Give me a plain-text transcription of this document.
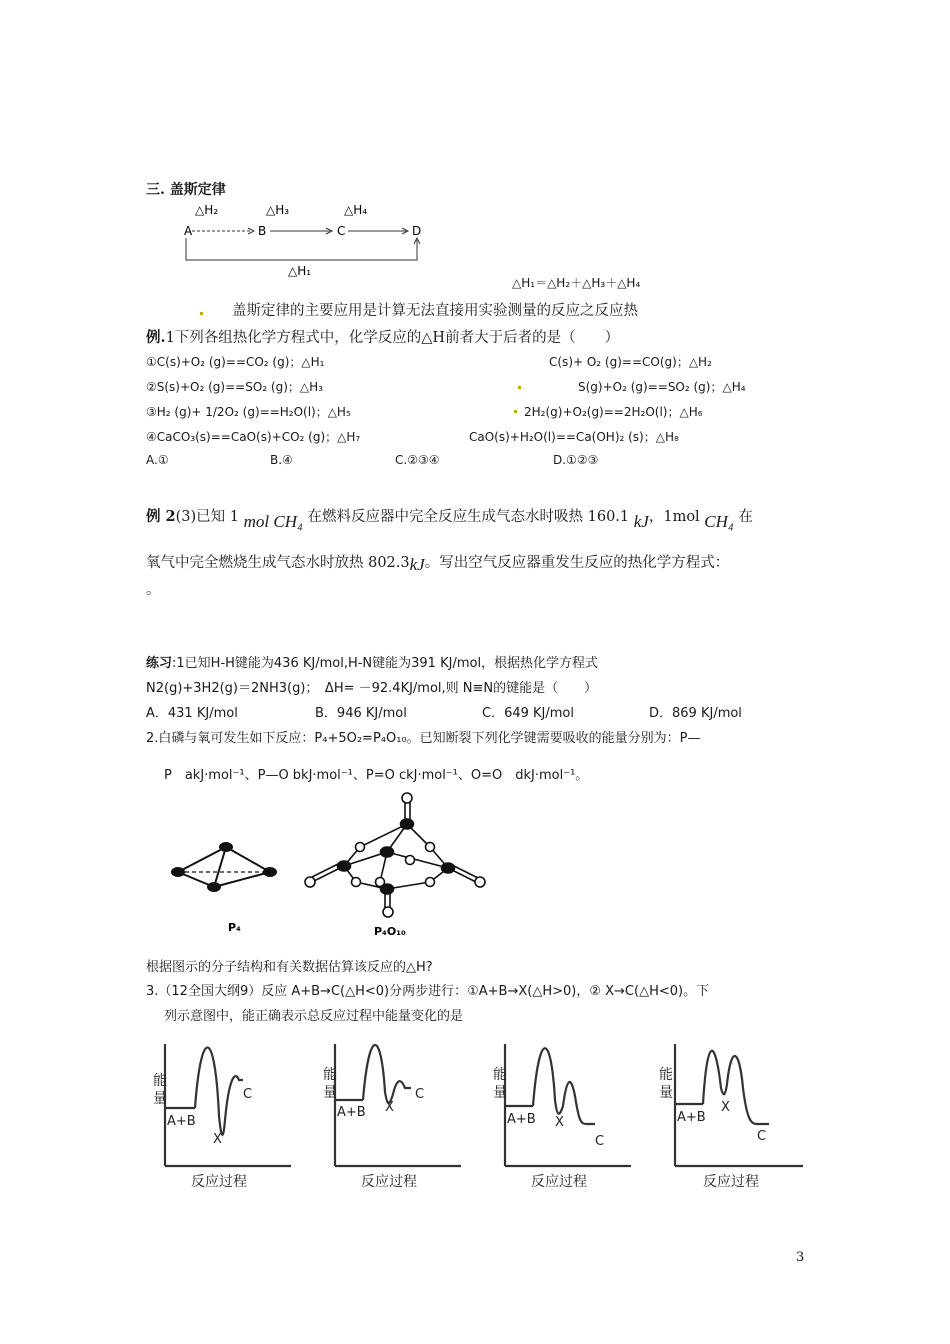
三. 盖斯定律
△H₂	△H₃	△H₄
A	B	C	D
△H₁
△H₁＝△H₂＋△H₃＋△H₄
盖斯定律的主要应用是计算无法直接用实验测量的反应之反应热
例.1下列各组热化学方程式中，化学反应的△H前者大于后者的是（　　）
①C(s)+O₂ (g)==CO₂ (g)；△H₁	C(s)+ O₂ (g)==CO(g)；△H₂
②S(s)+O₂ (g)==SO₂ (g)；△H₃	S(g)+O₂ (g)==SO₂ (g)；△H₄
③H₂ (g)+ 1/2O₂ (g)==H₂O(l)；△H₅	2H₂(g)+O₂(g)==2H₂O(l)；△H₆
④CaCO₃(s)==CaO(s)+CO₂ (g)；△H₇	CaO(s)+H₂O(l)==Ca(OH)₂ (s)；△H₈
A.①	B.④	C.②③④	D.①②③
例 2(3)已知 1 mol CH₄ 在燃料反应器中完全反应生成气态水时吸热 160.1 kJ，1mol CH₄ 在
氧气中完全燃烧生成气态水时放热 802.3kJ。写出空气反应器重发生反应的热化学方程式：
。
练习:1已知H-H键能为436 KJ/mol,H-N键能为391 KJ/mol，根据热化学方程式
N2(g)+3H2(g)＝2NH3(g)；　ΔH= －92.4KJ/mol,则 N≡N的键能是（　　）
A．431 KJ/mol	B．946 KJ/mol	C．649 KJ/mol	D．869 KJ/mol
2.白磷与氧可发生如下反应：P₄+5O₂=P₄O₁₀。已知断裂下列化学键需要吸收的能量分别为：P—
P　akJ·mol⁻¹、P—O bkJ·mol⁻¹、P=O ckJ·mol⁻¹、O=O　dkJ·mol⁻¹。
P₄	P₄O₁₀
根据图示的分子结构和有关数据估算该反应的△H?
3.（12全国大纲9）反应 A+B→C(△H<0)分两步进行：①A+B→X(△H>0)，② X→C(△H<0)。下
列示意图中，能正确表示总反应过程中能量变化的是
能
量
A+B
X
C
反应过程
能
量
A+B X
C
反应过程
能
量
A+B X
C
反应过程
能
量
A+B
X
C
反应过程
3
